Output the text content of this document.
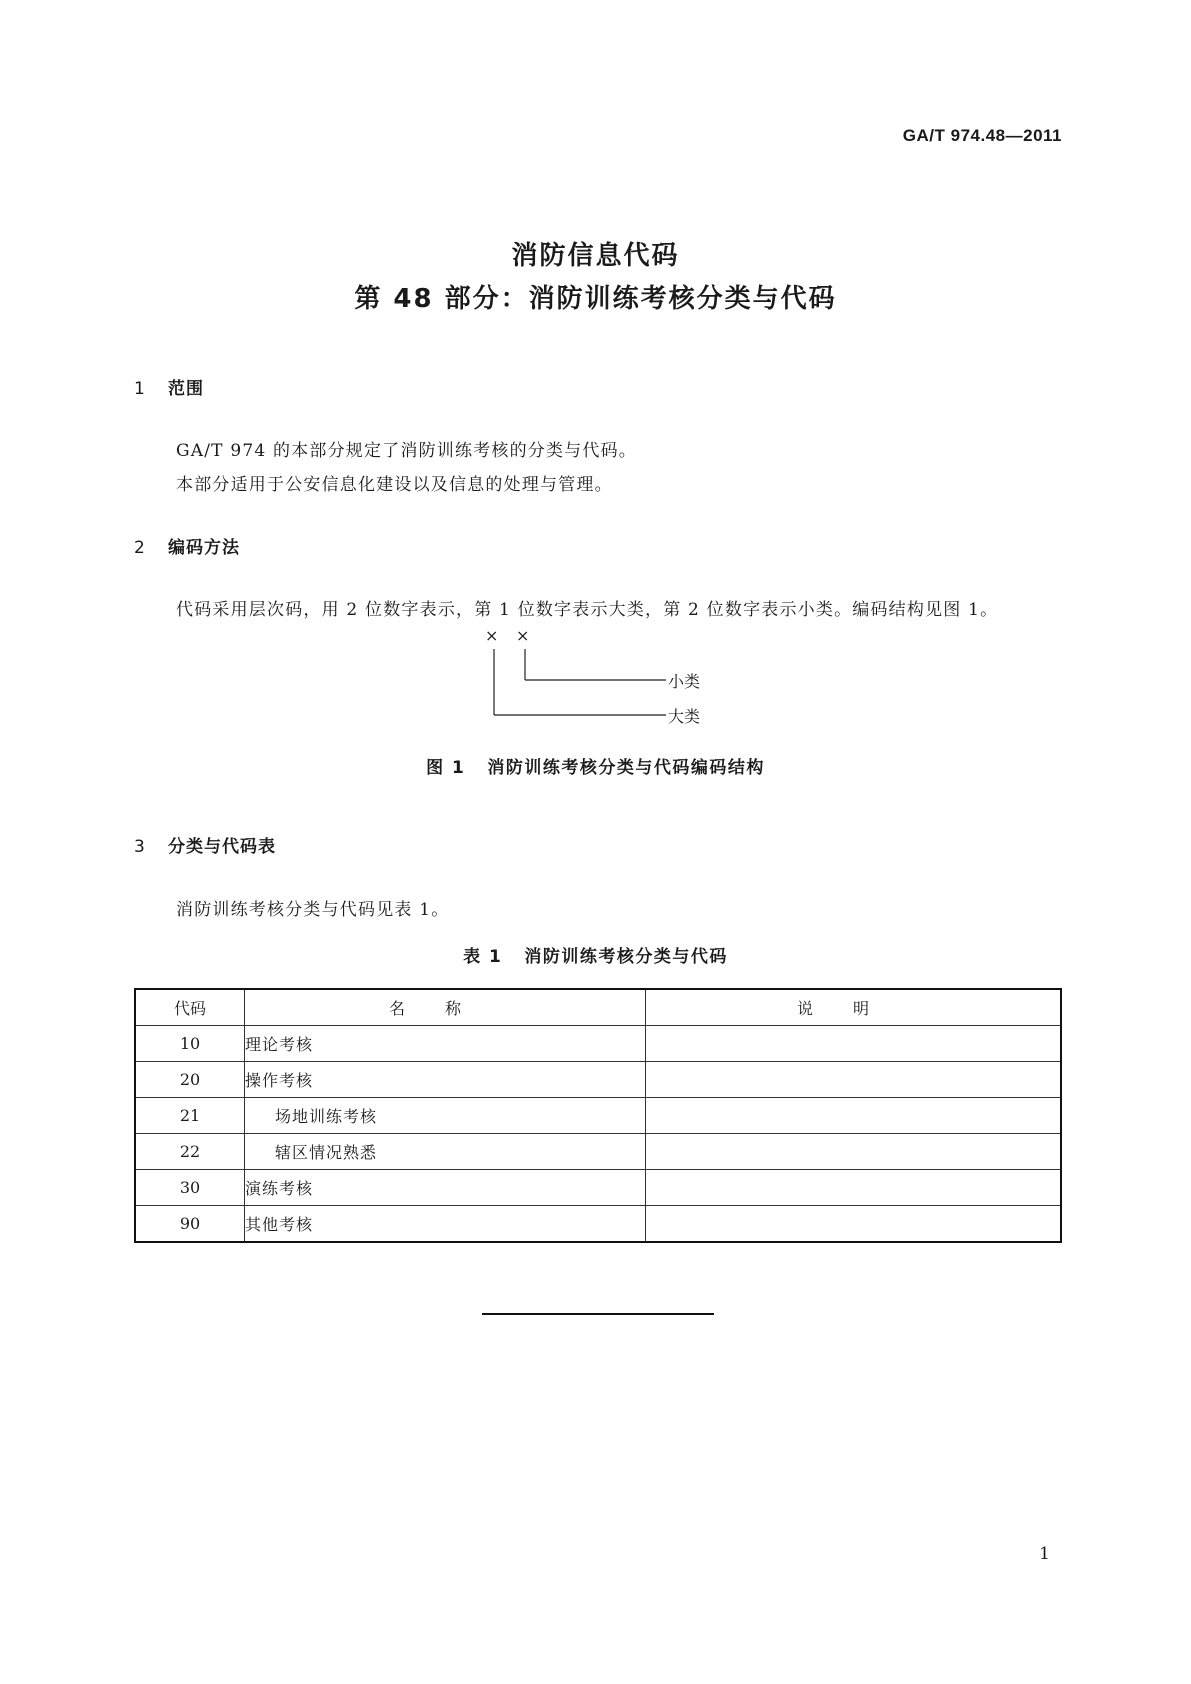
GA/T 974.48—2011
消防信息代码
第 48 部分：消防训练考核分类与代码
1 范围
GA/T 974 的本部分规定了消防训练考核的分类与代码。
本部分适用于公安信息化建设以及信息的处理与管理。
2 编码方法
代码采用层次码，用 2 位数字表示，第 1 位数字表示大类，第 2 位数字表示小类。编码结构见图 1。
× ×
小类
大类
图 1 消防训练考核分类与代码编码结构
3 分类与代码表
消防训练考核分类与代码见表 1。
表 1 消防训练考核分类与代码
代码	名称	说明
10	理论考核	
20	操作考核	
21	场地训练考核	
22	辖区情况熟悉	
30	演练考核	
90	其他考核	
1
